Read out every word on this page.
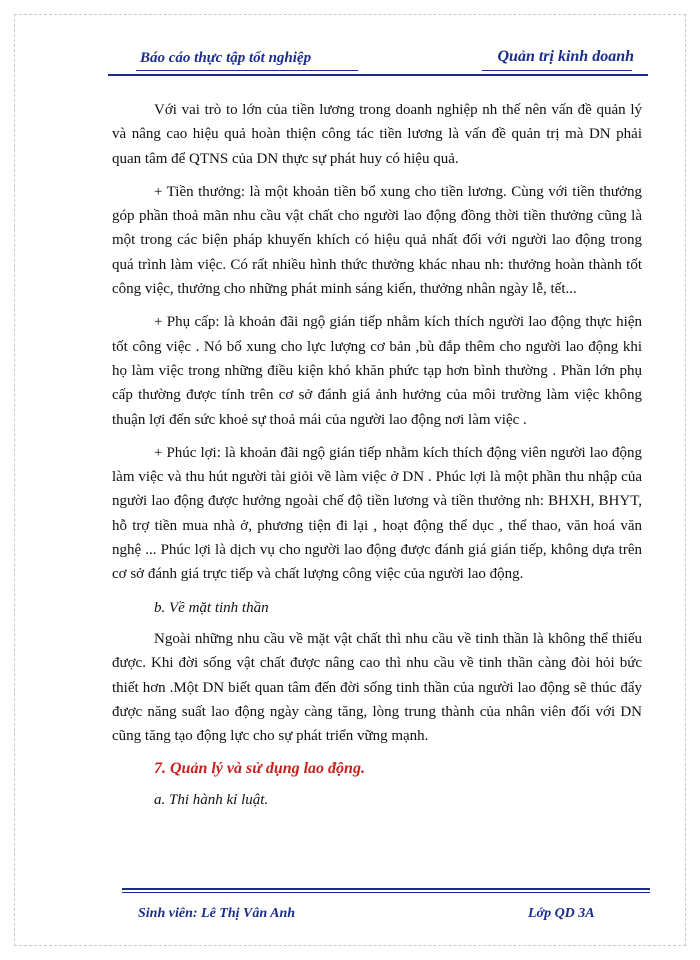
Báo cáo thực tập tốt nghiệp	Quản trị kinh doanh

Với vai trò to lớn của tiền lương trong doanh nghiệp nh thế nên vấn đề quản lý và nâng cao hiệu quả hoàn thiện công tác tiền lương là vấn đề quản trị mà DN phải quan tâm để QTNS của DN thực sự phát huy có hiệu quả.

+ Tiền thưởng: là một khoản tiền bổ xung cho tiền lương. Cùng với tiền thưởng góp phần thoả mãn nhu cầu vật chất cho người lao động đồng thời tiền thưởng cũng là một trong các biện pháp khuyến khích có hiệu quả nhất đối với người lao động trong quá trình làm việc. Có rất nhiều hình thức thưởng khác nhau nh: thưởng hoàn thành tốt công việc, thưởng cho những phát minh sáng kiến, thưởng nhân ngày lễ, tết...

+ Phụ cấp: là khoản đãi ngộ gián tiếp nhằm kích thích người lao động thực hiện tốt công việc . Nó bổ xung cho lực lượng cơ bản ,bù đắp thêm cho người lao động khi họ làm việc trong những điều kiện khó khăn phức tạp hơn bình thường . Phần lớn phụ cấp thường được tính trên cơ sở đánh giá ảnh hưởng của môi trường làm việc không thuận lợi đến sức khoẻ sự thoả mái của người lao động nơi làm việc .

+ Phúc lợi: là khoản đãi ngộ gián tiếp nhằm kích thích động viên người lao động làm việc và thu hút người tài giỏi về làm việc ở DN . Phúc lợi là một phần thu nhập của người lao động được hưởng ngoài chế độ tiền lương và tiền thưởng nh: BHXH, BHYT, hỗ trợ tiền mua nhà ở, phương tiện đi lại , hoạt động thể dục , thể thao, văn hoá văn nghệ ... Phúc lợi là dịch vụ cho người lao động được đánh giá gián tiếp, không dựa trên cơ sở đánh giá trực tiếp và chất lượng công việc của người lao động.

b. Về mặt tinh thần

Ngoài những nhu cầu về mặt vật chất thì nhu cầu về tinh thần là không thể thiếu được. Khi đời sống vật chất được nâng cao thì nhu cầu về tinh thần càng đòi hỏi bức thiết hơn .Một DN biết quan tâm đến đời sống tinh thần của người lao động sẽ thúc đẩy được năng suất lao động ngày càng tăng, lòng trung thành của nhân viên đối với DN cũng tăng tạo động lực cho sự phát triển vững mạnh.

7. Quản lý và sử dụng lao động.

a. Thi hành kỉ luật.

Sinh viên: Lê Thị Vân Anh	Lớp QD 3A
